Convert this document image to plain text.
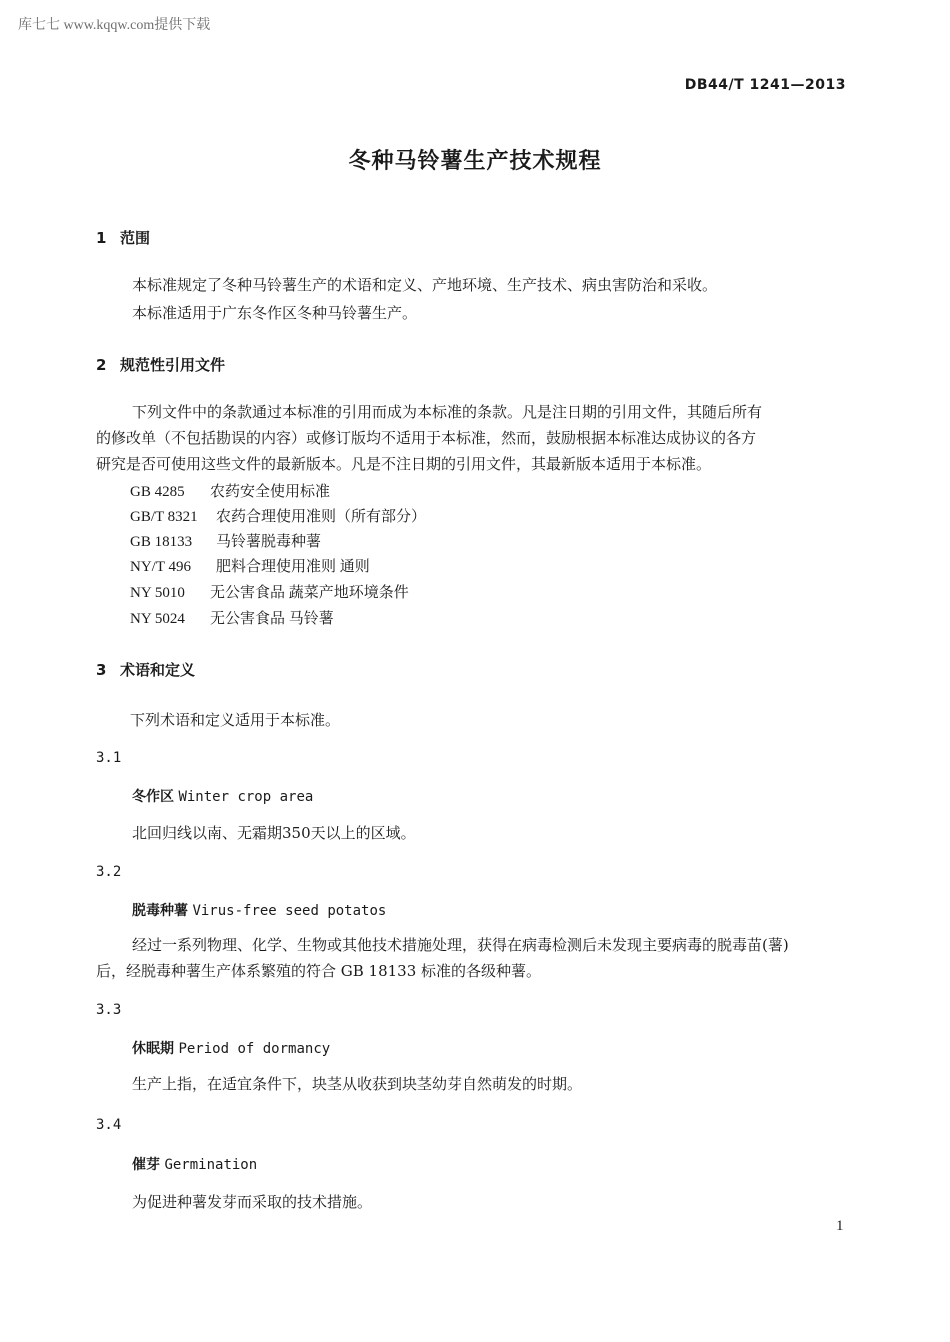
库七七 www.kqqw.com提供下载
DB44/T 1241—2013
冬种马铃薯生产技术规程
1 范围
本标准规定了冬种马铃薯生产的术语和定义、产地环境、生产技术、病虫害防治和采收。
本标准适用于广东冬作区冬种马铃薯生产。
2 规范性引用文件
下列文件中的条款通过本标准的引用而成为本标准的条款。凡是注日期的引用文件，其随后所有
的修改单（不包括勘误的内容）或修订版均不适用于本标准，然而，鼓励根据本标准达成协议的各方
研究是否可使用这些文件的最新版本。凡是不注日期的引用文件，其最新版本适用于本标准。
GB 4285 农药安全使用标准
GB/T 8321 农药合理使用准则（所有部分）
GB 18133 马铃薯脱毒种薯
NY/T 496 肥料合理使用准则 通则
NY 5010 无公害食品 蔬菜产地环境条件
NY 5024 无公害食品 马铃薯
3 术语和定义
下列术语和定义适用于本标准。
3.1
冬作区 Winter crop area
北回归线以南、无霜期350天以上的区域。
3.2
脱毒种薯 Virus-free seed potatos
经过一系列物理、化学、生物或其他技术措施处理，获得在病毒检测后未发现主要病毒的脱毒苗(薯)
后，经脱毒种薯生产体系繁殖的符合 GB 18133 标准的各级种薯。
3.3
休眠期 Period of dormancy
生产上指，在适宜条件下，块茎从收获到块茎幼芽自然萌发的时期。
3.4
催芽 Germination
为促进种薯发芽而采取的技术措施。
1
